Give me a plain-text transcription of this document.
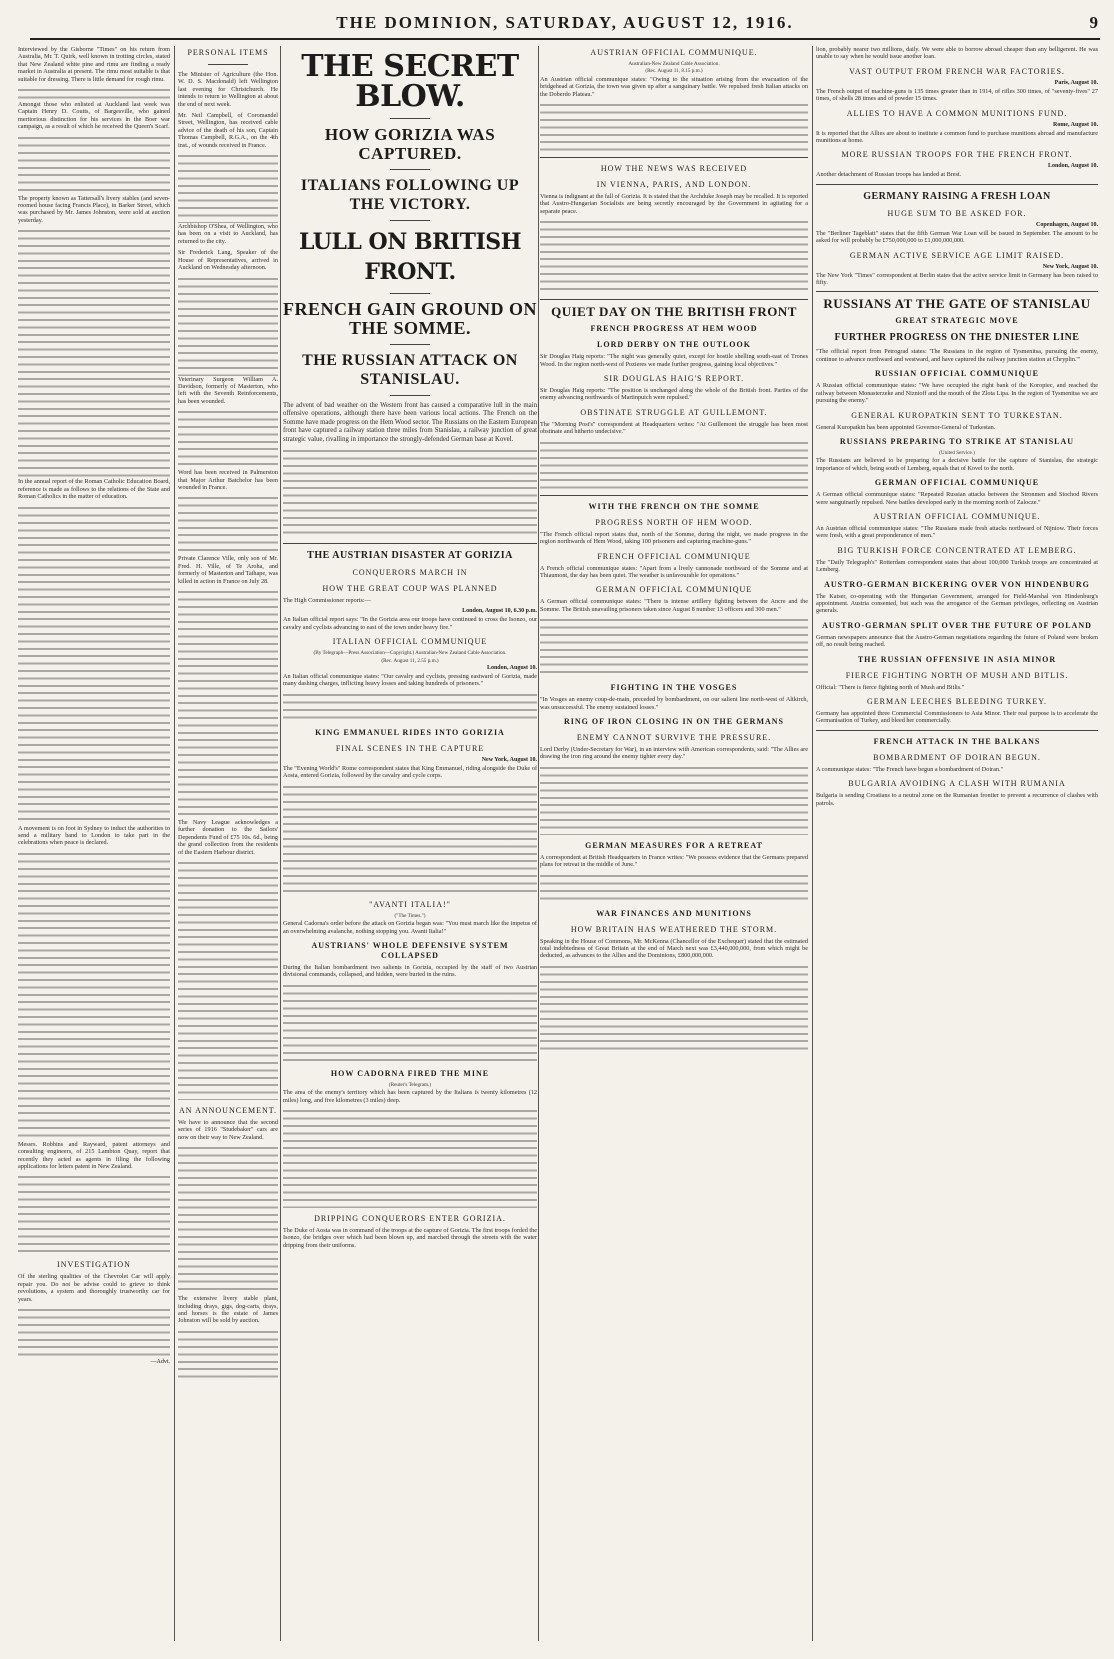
THE DOMINION, SATURDAY, AUGUST 12, 1916.	9

Interviewed by the Gisborne "Times" on his return from Australia, Mr. T. Quirk, well known in trotting circles, stated that New Zealand white pine and rimu are finding a ready market in Australia at present. The rimu most suitable is that suitable for dressing. There is little demand for rough rimu.

Amongst those who enlisted at Auckland last week was Captain Henry D. Coutts, of Bargesville, who gained meritorious distinction for his services in the Boer war campaign, as a result of which he received the Queen's Scarf.

The property known as Tattersall's livery stables (and seven-roomed house facing Francis Place), in Barker Street, which was purchased by Mr. James Johnston, were sold at auction yesterday.

In the annual report of the Roman Catholic Education Board, reference is made as follows to the relations of the State and Roman Catholics in the matter of education.

A movement is on foot in Sydney to induct the authorities to send a military band to London to take part in the celebrations when peace is declared.

Messrs. Robbins and Rayward, patent attorneys and consulting engineers, of 215 Lambton Quay, report that recently they acted as agents in filing the following applications for letters patent in New Zealand.

INVESTIGATION

Of the sterling qualities of the Chevrolet Car will apply repair you. Do not be advise could to grieve to think revolutions, a system and thoroughly trustworthy car for years.

—Advt.
PERSONAL ITEMS

The Minister of Agriculture (the Hon. W. D. S. Macdonald) left Wellington last evening for Christchurch. He intends to return to Wellington at about the end of next week.

Mr. Neil Campbell, of Coromandel Street, Wellington, has received cable advice of the death of his son, Captain Thomas Campbell, R.G.A., on the 4th inst., of wounds received in France.

Archbishop O'Shea, of Wellington, who has been on a visit to Auckland, has returned to the city.

Sir Frederick Lang, Speaker of the House of Representatives, arrived in Auckland on Wednesday afternoon.

Veterinary Surgeon William A. Davidson, formerly of Masterton, who left with the Seventh Reinforcements, has been wounded.

Word has been received in Palmerston that Major Arthur Batchelor has been wounded in France.

Private Clarence Ville, only son of Mr. Fred. H. Ville, of Te Aroha, and formerly of Masterton and Taihape, was killed in action in France on July 28.

The Navy League acknowledges a further donation to the Sailors' Dependents Fund of £75 10s. 6d., being the grand collection from the residents of the Eastern Harbour district.

AN ANNOUNCEMENT.

We have to announce that the second series of 1916 "Studebaker" cars are now on their way to New Zealand.

The extensive livery stable plant, including drays, gigs, dog-carts, drays, and horses is the estate of James Johnston will be sold by auction.

THE SECRET BLOW.
HOW GORIZIA WAS CAPTURED.
ITALIANS FOLLOWING UP THE VICTORY.
LULL ON BRITISH FRONT.
FRENCH GAIN GROUND ON THE SOMME.
THE RUSSIAN ATTACK ON STANISLAU.

The advent of bad weather on the Western front has caused a comparative lull in the main offensive operations, although there have been various local actions. The French on the Somme have made progress on the Hem Wood sector. The Russians on the Eastern European front have captured a railway station three miles from Stanislau, a railway junction of great strategic value, rivalling in importance the strongly-defended German base at Kovel.

THE AUSTRIAN DISASTER AT GORIZIA
CONQUERORS MARCH IN
HOW THE GREAT COUP WAS PLANNED

The High Commissioner reports:—

London, August 10, 6.30 p.m.

An Italian official report says: "In the Gorizia area our troops have continued to cross the Isonzo, our cavalry and cyclists advancing to east of the town under heavy fire."

ITALIAN OFFICIAL COMMUNIQUE
(By Telegraph—Press Association—Copyright.) Australian-New Zealand Cable Association.
(Rec. August 11, 2.55 p.m.)
London, August 10.

An Italian official communique states: "Our cavalry and cyclists, pressing eastward of Gorizia, made many dashing charges, inflicting heavy losses and taking hundreds of prisoners."

KING EMMANUEL RIDES INTO GORIZIA
FINAL SCENES IN THE CAPTURE
New York, August 10.

The "Evening World's" Rome correspondent states that King Emmanuel, riding alongside the Duke of Aosta, entered Gorizia, followed by the cavalry and cycle corps.

"AVANTI ITALIA!"
("The Times.")

General Cadorna's order before the attack on Gorizia began was: "You must march like the impetus of an overwhelming avalanche, nothing stopping you. Avanti Italia!"

AUSTRIANS' WHOLE DEFENSIVE SYSTEM COLLAPSED

During the Italian bombardment two salients in Gorizia, occupied by the staff of two Austrian divisional commands, collapsed, and hidden, were buried in the ruins.

HOW CADORNA FIRED THE MINE
(Reuter's Telegram.)

The area of the enemy's territory which has been captured by the Italians is twenty kilometres (12 miles) long, and five kilometres (3 miles) deep.

DRIPPING CONQUERORS ENTER GORIZIA.

The Duke of Aosta was in command of the troops at the capture of Gorizia. The first troops forded the Isonzo, the bridges over which had been blown up, and marched through the streets with the water dripping from their uniforms.

AUSTRIAN OFFICIAL COMMUNIQUE.
Australian-New Zealand Cable Association.
(Rec. August 11, 8.15 p.m.)

An Austrian official communique states: "Owing to the situation arising from the evacuation of the bridgehead at Gorizia, the town was given up after a sanguinary battle. We repulsed fresh Italian attacks on the Doberdo Plateau."

HOW THE NEWS WAS RECEIVED
IN VIENNA, PARIS, AND LONDON.

Vienna is indignant at the fall of Gorizia. It is stated that the Archduke Joseph may be recalled. It is reported that Austro-Hungarian Socialists are being secretly encouraged by the Government in agitating for a separate peace.

QUIET DAY ON THE BRITISH FRONT
FRENCH PROGRESS AT HEM WOOD
LORD DERBY ON THE OUTLOOK

Sir Douglas Haig reports: "The night was generally quiet, except for hostile shelling south-east of Trones Wood. In the region north-west of Pozieres we made further progress, gaining local objectives."

SIR DOUGLAS HAIG'S REPORT.

Sir Douglas Haig reports: "The position is unchanged along the whole of the British front. Parties of the enemy advancing northwards of Martinpuich were repulsed."

OBSTINATE STRUGGLE AT GUILLEMONT.

The "Morning Post's" correspondent at Headquarters writes: "At Guillemont the struggle has been most obstinate and hitherto undecisive."

WITH THE FRENCH ON THE SOMME
PROGRESS NORTH OF HEM WOOD.

"The French official report states that, north of the Somme, during the night, we made progress in the region northwards of Hem Wood, taking 100 prisoners and capturing machine-guns."

FRENCH OFFICIAL COMMUNIQUE

A French official communique states: "Apart from a lively cannonade northward of the Somme and at Thiaumont, the day has been quiet. The weather is unfavourable for operations."

GERMAN OFFICIAL COMMUNIQUE

A German official communique states: "There is intense artillery fighting between the Ancre and the Somme. The British unavailing prisoners taken since August 8 number 13 officers and 300 men."

FIGHTING IN THE VOSGES

"In Vosges an enemy coup-de-main, preceded by bombardment, on our salient line north-west of Altkirch, was unsuccessful. The enemy sustained losses."

RING OF IRON CLOSING IN ON THE GERMANS
ENEMY CANNOT SURVIVE THE PRESSURE.

Lord Derby (Under-Secretary for War), in an interview with American correspondents, said: "The Allies are drawing the iron ring around the enemy tighter every day."

GERMAN MEASURES FOR A RETREAT

A correspondent at British Headquarters in France writes: "We possess evidence that the Germans prepared plans for retreat in the middle of June."

WAR FINANCES AND MUNITIONS
HOW BRITAIN HAS WEATHERED THE STORM.

Speaking in the House of Commons, Mr. McKenna (Chancellor of the Exchequer) stated that the estimated total indebtedness of Great Britain at the end of March next was £3,440,000,000, from which might be deducted, as advances to the Allies and the Dominions, £800,000,000.

lion, probably nearer two millions, daily. We were able to borrow abroad cheaper than any belligerent. He was unable to say when he would issue another loan.

VAST OUTPUT FROM FRENCH WAR FACTORIES.
Paris, August 10.

The French output of machine-guns is 135 times greater than in 1914, of rifles 300 times, of "seventy-fives" 27 times, of shells 28 times and of powder 15 times.

ALLIES TO HAVE A COMMON MUNITIONS FUND.
Rome, August 10.

It is reported that the Allies are about to institute a common fund to purchase munitions abroad and manufacture munitions at home.

MORE RUSSIAN TROOPS FOR THE FRENCH FRONT.
London, August 10.

Another detachment of Russian troops has landed at Brest.

GERMANY RAISING A FRESH LOAN
HUGE SUM TO BE ASKED FOR.
Copenhagen, August 10.

The "Berliner Tageblatt" states that the fifth German War Loan will be issued in September. The amount to be asked for will probably be £750,000,000 to £1,000,000,000.

GERMAN ACTIVE SERVICE AGE LIMIT RAISED.
New York, August 10.

The New York "Times" correspondent at Berlin states that the active service limit in Germany has been raised to fifty.

RUSSIANS AT THE GATE OF STANISLAU
GREAT STRATEGIC MOVE
FURTHER PROGRESS ON THE DNIESTER LINE

"The official report from Petrograd states: 'The Russians in the region of Tysmenitsa, pursuing the enemy, continue to advance northward and westward, and have captured the railway junction station at Chryplin.'"

RUSSIAN OFFICIAL COMMUNIQUE

A Russian official communique states: "We have occupied the right bank of the Koropiec, and reached the railway between Monasterzeke and Niznioff and the mouth of the Zlota Lipa. In the region of Tysmenitsa we are pursuing the enemy."

GENERAL KUROPATKIN SENT TO TURKESTAN.

General Kuropatkin has been appointed Governor-General of Turkestan.

RUSSIANS PREPARING TO STRIKE AT STANISLAU
(United Service.)

The Russians are believed to be preparing for a decisive battle for the capture of Stanislau, the strategic importance of which, being south of Lemberg, equals that of Kovel to the north.

GERMAN OFFICIAL COMMUNIQUE

A German official communique states: "Repeated Russian attacks between the Stronmen and Stochod Rivers were sanguinarily repulsed. New battles developed early in the morning north of Zalocze."

AUSTRIAN OFFICIAL COMMUNIQUE.

An Austrian official communique states: "The Russians made fresh attacks northward of Nijniow. Their forces were fresh, with a great preponderance of men."

BIG TURKISH FORCE CONCENTRATED AT LEMBERG.

The "Daily Telegraph's" Rotterdam correspondent states that about 100,000 Turkish troops are concentrated at Lemberg.

AUSTRO-GERMAN BICKERING OVER VON HINDENBURG

The Kaiser, co-operating with the Hungarian Government, arranged for Field-Marshal von Hindenburg's appointment. Austria consented, but such was the arrogance of the German privileges, reflecting on Austrian generals.

AUSTRO-GERMAN SPLIT OVER THE FUTURE OF POLAND

German newspapers announce that the Austro-German negotiations regarding the future of Poland were broken off, no result being reached.

THE RUSSIAN OFFENSIVE IN ASIA MINOR
FIERCE FIGHTING NORTH OF MUSH AND BITLIS.

Official: "There is fierce fighting north of Mush and Bitlis."

GERMAN LEECHES BLEEDING TURKEY.

Germany has appointed three Commercial Commissioners to Asia Minor. Their real purpose is to accelerate the Germanisation of Turkey, and bleed her commercially.

FRENCH ATTACK IN THE BALKANS
BOMBARDMENT OF DOIRAN BEGUN.

A communique states: "The French have begun a bombardment of Doiran."

BULGARIA AVOIDING A CLASH WITH RUMANIA

Bulgaria is sending Croatians to a neutral zone on the Rumanian frontier to prevent a recurrence of clashes with patrols.
